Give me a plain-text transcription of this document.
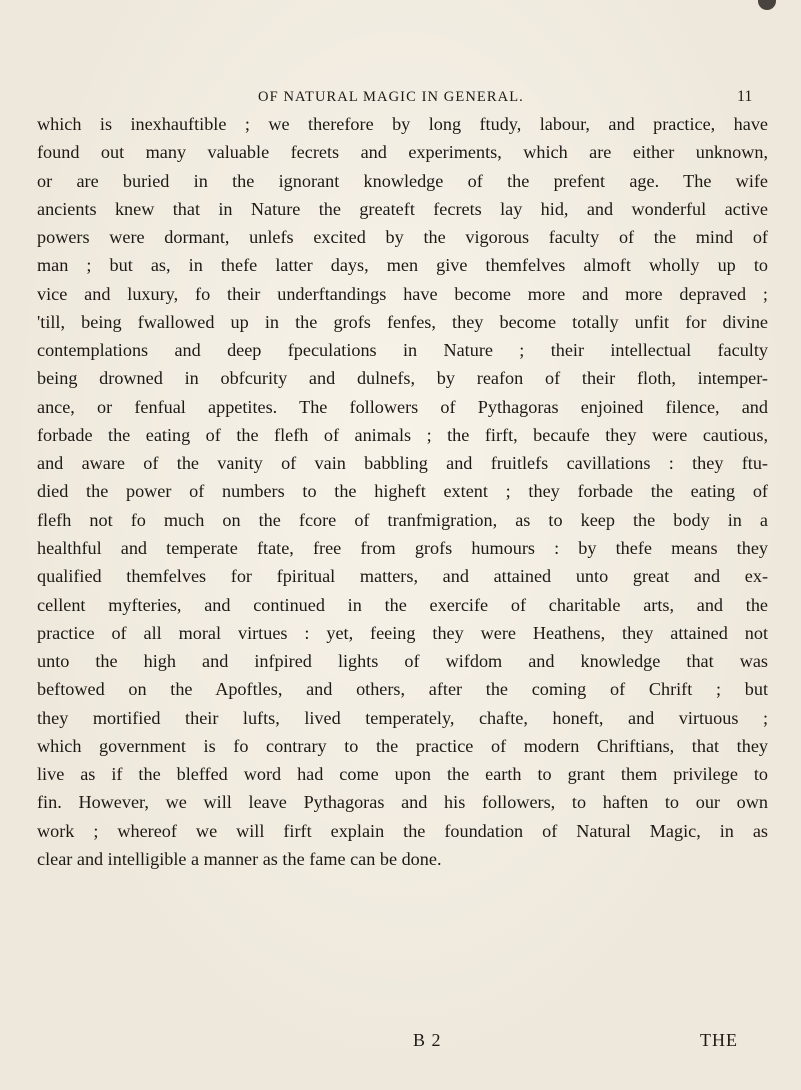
OF NATURAL MAGIC IN GENERAL.	11
which is inexhauftible ; we therefore by long ftudy, labour, and practice, have
found out many valuable fecrets and experiments, which are either unknown,
or are buried in the ignorant knowledge of the prefent age. The wife
ancients knew that in Nature the greateft fecrets lay hid, and wonderful active
powers were dormant, unlefs excited by the vigorous faculty of the mind of
man ; but as, in thefe latter days, men give themfelves almoft wholly up to
vice and luxury, fo their underftandings have become more and more depraved ;
'till, being fwallowed up in the grofs fenfes, they become totally unfit for divine
contemplations and deep fpeculations in Nature ; their intellectual faculty
being drowned in obfcurity and dulnefs, by reafon of their floth, intemper-
ance, or fenfual appetites. The followers of Pythagoras enjoined filence, and
forbade the eating of the flefh of animals ; the firft, becaufe they were cautious,
and aware of the vanity of vain babbling and fruitlefs cavillations : they ftu-
died the power of numbers to the higheft extent ; they forbade the eating of
flefh not fo much on the fcore of tranfmigration, as to keep the body in a
healthful and temperate ftate, free from grofs humours : by thefe means they
qualified themfelves for fpiritual matters, and attained unto great and ex-
cellent myfteries, and continued in the exercife of charitable arts, and the
practice of all moral virtues : yet, feeing they were Heathens, they attained not
unto the high and infpired lights of wifdom and knowledge that was
beftowed on the Apoftles, and others, after the coming of Chrift ; but
they mortified their lufts, lived temperately, chafte, honeft, and virtuous ;
which government is fo contrary to the practice of modern Chriftians, that they
live as if the bleffed word had come upon the earth to grant them privilege to
fin. However, we will leave Pythagoras and his followers, to haften to our own
work ; whereof we will firft explain the foundation of Natural Magic, in as
clear and intelligible a manner as the fame can be done.
B 2	THE
